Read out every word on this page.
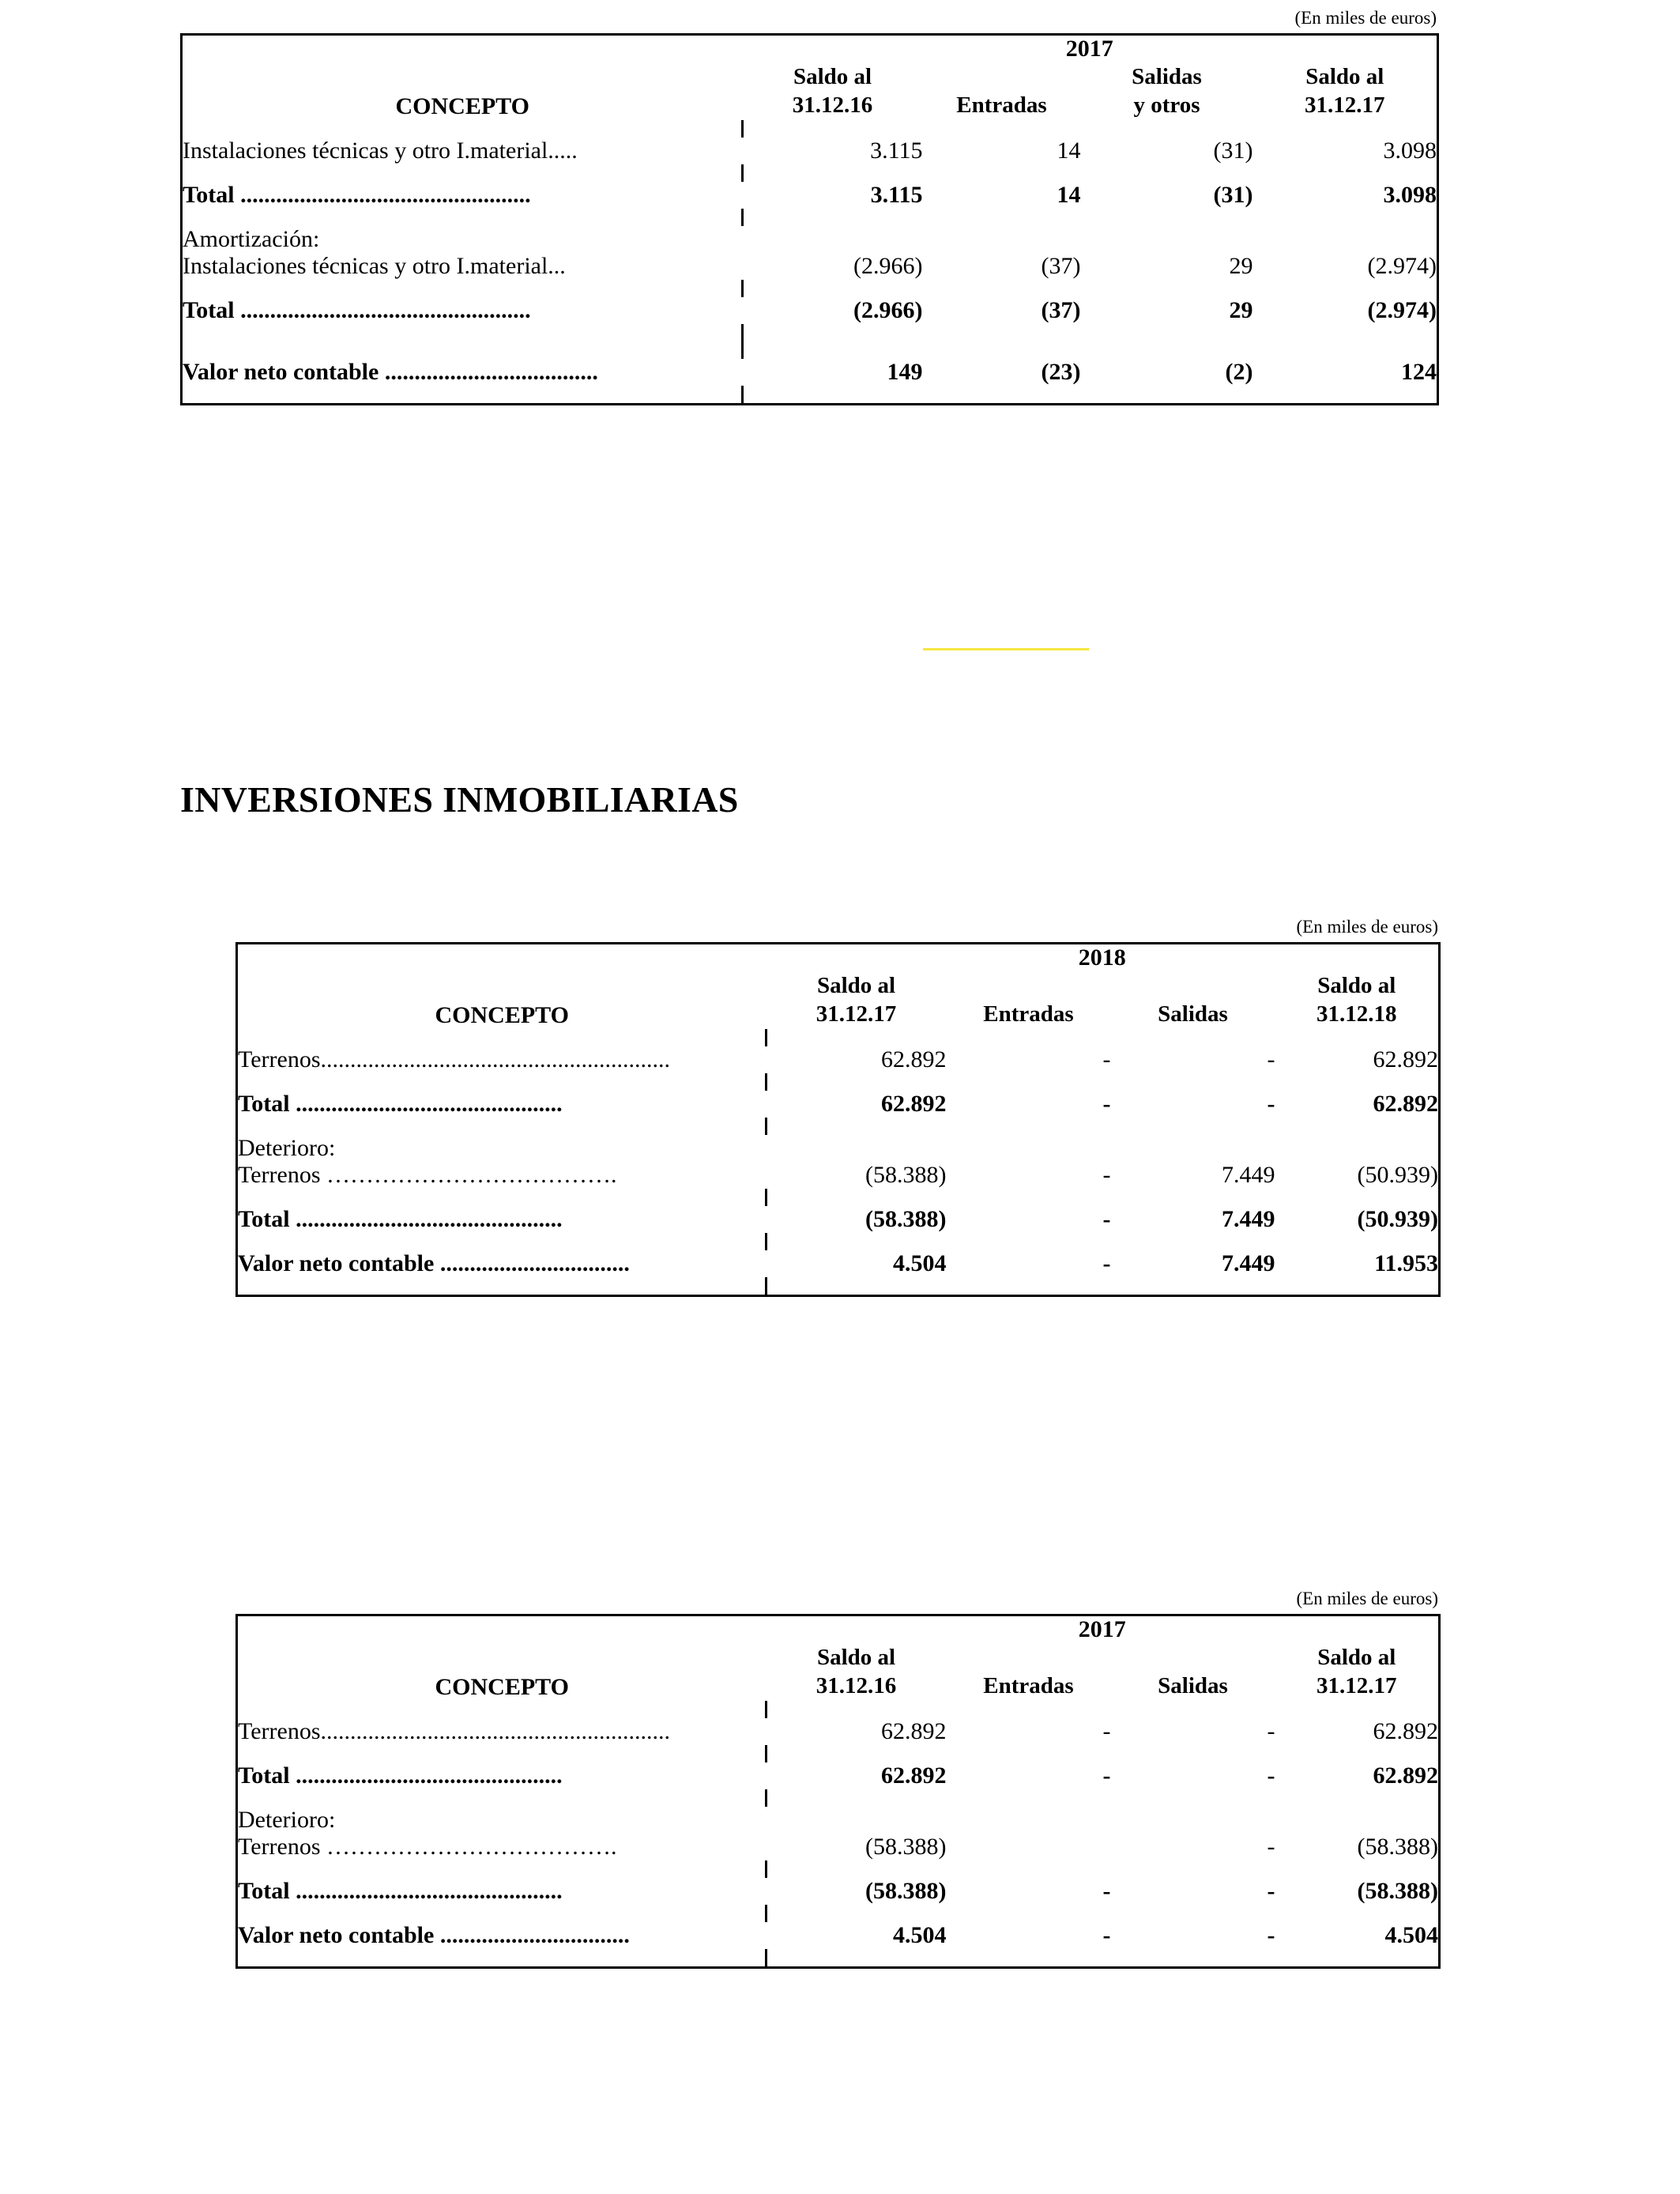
(En miles de euros)
CONCEPTO	2017			
	Saldo al
31.12.16	Entradas	Salidas
y otros	Saldo al
31.12.17

Instalaciones técnicas y otro I.material.....	3.115	14	(31)	3.098

Total .................................................	3.115	14	(31)	3.098

Amortización:				
Instalaciones técnicas y otro I.material...	(2.966)	(37)	29	(2.974)

Total .................................................	(2.966)	(37)	29	(2.974)

Valor neto contable ....................................	149	(23)	(2)	124

INVERSIONES INMOBILIARIAS
(En miles de euros)
CONCEPTO	2018			
	Saldo al
31.12.17	Entradas	Salidas	Saldo al
31.12.18

Terrenos...........................................................	62.892	-	-	62.892

Total .............................................	62.892	-	-	62.892

Deterioro:				
Terrenos ……………………………….	(58.388)	-	7.449	(50.939)

Total .............................................	(58.388)	-	7.449	(50.939)

Valor neto contable ................................	4.504	-	7.449	11.953

(En miles de euros)
CONCEPTO	2017			
	Saldo al
31.12.16	Entradas	Salidas	Saldo al
31.12.17

Terrenos...........................................................	62.892	-	-	62.892

Total .............................................	62.892	-	-	62.892

Deterioro:				
Terrenos ……………………………….	(58.388)		-	(58.388)

Total .............................................	(58.388)	-	-	(58.388)

Valor neto contable ................................	4.504	-	-	4.504
